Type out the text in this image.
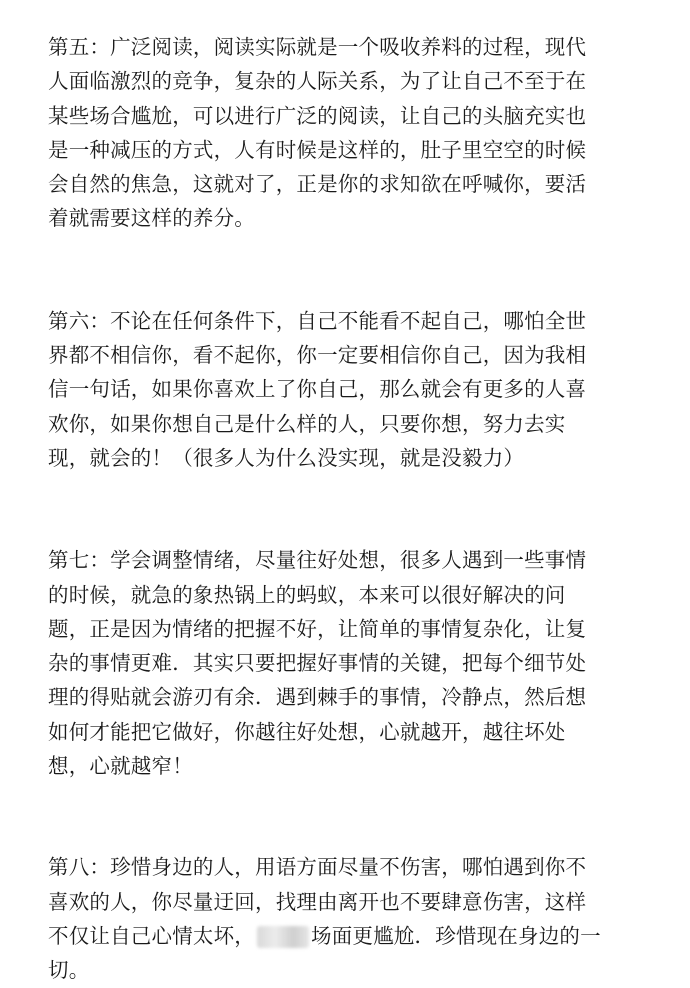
第五：广泛阅读，阅读实际就是一个吸收养料的过程，现代
人面临激烈的竞争，复杂的人际关系，为了让自己不至于在
某些场合尴尬，可以进行广泛的阅读，让自己的头脑充实也
是一种减压的方式，人有时候是这样的，肚子里空空的时候
会自然的焦急，这就对了，正是你的求知欲在呼喊你，要活
着就需要这样的养分。
第六：不论在任何条件下，自己不能看不起自己，哪怕全世
界都不相信你，看不起你，你一定要相信你自己，因为我相
信一句话，如果你喜欢上了你自己，那么就会有更多的人喜
欢你，如果你想自己是什么样的人，只要你想，努力去实
现，就会的！（很多人为什么没实现，就是没毅力）
第七：学会调整情绪，尽量往好处想，很多人遇到一些事情
的时候，就急的象热锅上的蚂蚁，本来可以很好解决的问
题，正是因为情绪的把握不好，让简单的事情复杂化，让复
杂的事情更难．其实只要把握好事情的关键，把每个细节处
理的得贴就会游刃有余．遇到棘手的事情，冷静点，然后想
如何才能把它做好，你越往好处想，心就越开，越往坏处
想，心就越窄！
第八：珍惜身边的人，用语方面尽量不伤害，哪怕遇到你不
喜欢的人，你尽量迂回，找理由离开也不要肆意伤害，这样
不仅让自己心情太坏，	场面更尴尬．珍惜现在身边的一
切。
